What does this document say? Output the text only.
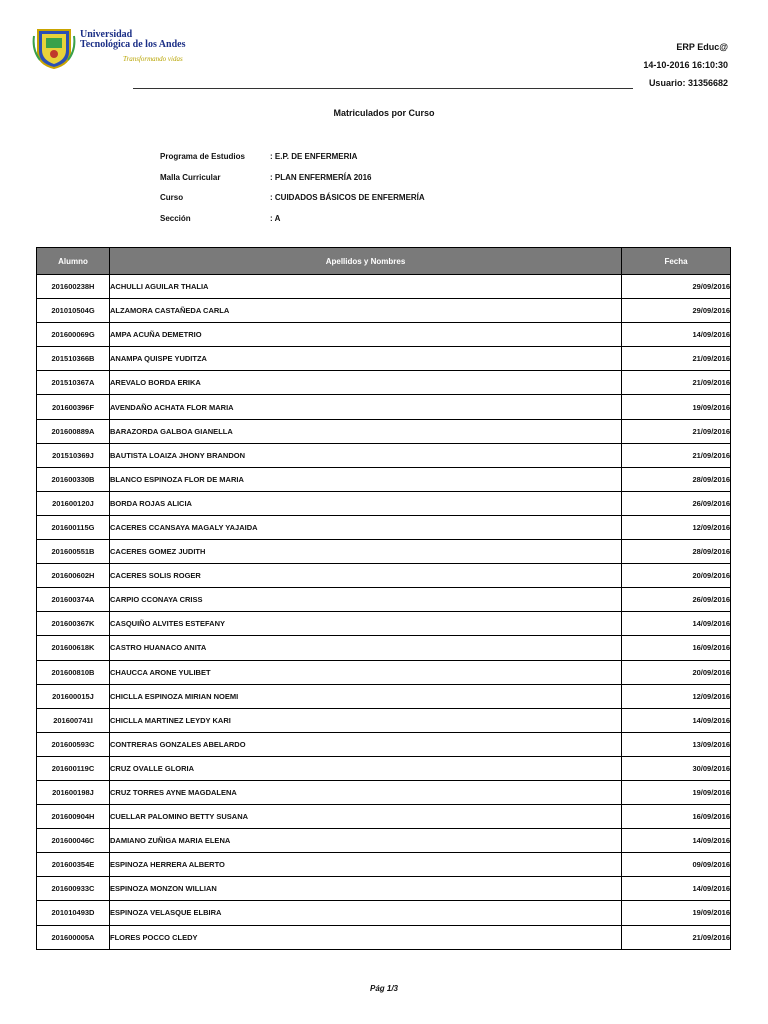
Universidad
Tecnológica de los Andes
Transformando vidas
ERP Educ@
14-10-2016 16:10:30
Usuario: 31356682
Matriculados por Curso
Programa de Estudios	: E.P. DE ENFERMERIA
Malla Curricular	: PLAN ENFERMERÍA 2016
Curso	: CUIDADOS BÁSICOS DE ENFERMERÍA
Sección	: A
Alumno	Apellidos y Nombres	Fecha
201600238H	ACHULLI AGUILAR THALIA	29/09/2016
201010504G	ALZAMORA CASTAÑEDA CARLA	29/09/2016
201600069G	AMPA ACUÑA DEMETRIO	14/09/2016
201510366B	ANAMPA QUISPE YUDITZA	21/09/2016
201510367A	AREVALO BORDA ERIKA	21/09/2016
201600396F	AVENDAÑO ACHATA FLOR MARIA	19/09/2016
201600889A	BARAZORDA GALBOA GIANELLA	21/09/2016
201510369J	BAUTISTA LOAIZA JHONY BRANDON	21/09/2016
201600330B	BLANCO ESPINOZA FLOR DE MARIA	28/09/2016
201600120J	BORDA ROJAS ALICIA	26/09/2016
201600115G	CACERES CCANSAYA MAGALY YAJAIDA	12/09/2016
201600551B	CACERES GOMEZ JUDITH	28/09/2016
201600602H	CACERES SOLIS ROGER	20/09/2016
201600374A	CARPIO CCONAYA CRISS	26/09/2016
201600367K	CASQUIÑO ALVITES ESTEFANY	14/09/2016
201600618K	CASTRO HUANACO ANITA	16/09/2016
201600810B	CHAUCCA ARONE YULIBET	20/09/2016
201600015J	CHICLLA ESPINOZA MIRIAN NOEMI	12/09/2016
201600741I	CHICLLA MARTINEZ LEYDY KARI	14/09/2016
201600593C	CONTRERAS GONZALES ABELARDO	13/09/2016
201600119C	CRUZ OVALLE GLORIA	30/09/2016
201600198J	CRUZ TORRES AYNE MAGDALENA	19/09/2016
201600904H	CUELLAR PALOMINO BETTY SUSANA	16/09/2016
201600046C	DAMIANO ZUÑIGA MARIA ELENA	14/09/2016
201600354E	ESPINOZA HERRERA ALBERTO	09/09/2016
201600933C	ESPINOZA MONZON WILLIAN	14/09/2016
201010493D	ESPINOZA VELASQUE ELBIRA	19/09/2016
201600005A	FLORES POCCO CLEDY	21/09/2016
Pág 1/3
